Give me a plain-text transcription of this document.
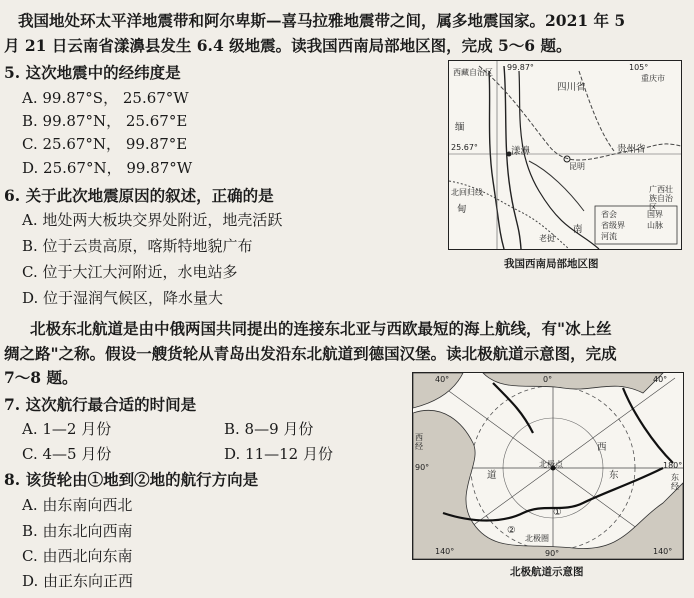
我国地处环太平洋地震带和阿尔卑斯—喜马拉雅地震带之间，属多地震国家。2021 年 5
月 21 日云南省漾濞县发生 6.4 级地震。读我国西南局部地区图，完成 5～6 题。
5. 这次地震中的经纬度是
A. 99.87°S， 25.67°W
B. 99.87°N， 25.67°E
C. 25.67°N， 99.87°E
D. 25.67°N， 99.87°W
6. 关于此次地震原因的叙述，正确的是
A. 地处两大板块交界处附近，地壳活跃
B. 位于云贵高原，喀斯特地貌广布
C. 位于大江大河附近，水电站多
D. 位于湿润气候区，降水量大
西藏自治区
99.87°
四川省
105°
重庆市
缅
25.67°	漾濞
昆明
贵州省
北回归线
甸
广西壮族自治区
老挝
南
省会	国界
省级界	山脉
河流
我国西南局部地区图
北极东北航道是由中俄两国共同提出的连接东北亚与西欧最短的海上航线，有"冰上丝
绸之路"之称。假设一艘货轮从青岛出发沿东北航道到德国汉堡。读北极航道示意图，完成
7～8 题。
7. 这次航行最合适的时间是
A. 1—2 月份	B. 8—9 月份
C. 4—5 月份	D. 11—12 月份
8. 该货轮由①地到②地的航行方向是
A. 由东南向西北
B. 由东北向西南
C. 由西北向东南
D. 由正东向正西
40°	0°	40°
西经
90°	180°
东经
西
道
北极点
东
北极圈
①
②
140°	90°	140°
北极航道示意图
